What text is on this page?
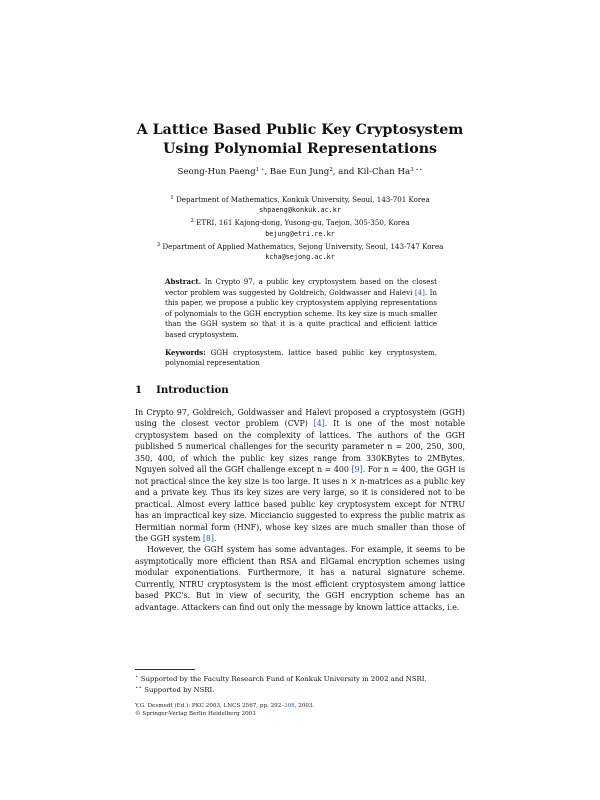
A Lattice Based Public Key Cryptosystem
Using Polynomial Representations
Seong-Hun Paeng$^{1 ⋆}$, Bae Eun Jung$^2$, and Kil-Chan $Ha^{3 ⋆⋆}$
$^1$ Department of Mathematics, Konkuk University, Seoul, 143-701 Korea
shpaeng@konkuk.ac.kr
$^2$ ETRI, 161 Kajong-dong, Yusong-gu, Taejon, 305-350, Korea
bejung@etri.re.kr
$^3$ Department of Applied Mathematics, Sejong University, Seoul, 143-747 Korea
kcha@sejong.ac.kr

Abstract. In Crypto 97, a public key cryptosystem based on the closest vector problem was suggested by Goldreich, Goldwasser and Halevi [4]. In this paper, we propose a public key cryptosystem applying representations of polynomials to the GGH encryption scheme. Its key size is much smaller than the GGH system so that it is a quite practical and efficient lattice based cryptosystem.

Keywords: GGH cryptosystem, lattice based public key cryptosystem, polynomial representation

1 Introduction

In Crypto 97, Goldreich, Goldwasser and Halevi proposed a cryptosystem (GGH) using the closest vector problem (CVP) [4]. It is one of the most notable cryptosystem based on the complexity of lattices. The authors of the GGH published 5 numerical challenges for the security parameter n = 200, 250, 300, 350, 400, of which the public key sizes range from 330KBytes to 2MBytes. Nguyen solved all the GGH challenge except n = 400 [9]. For n = 400, the GGH is not practical since the key size is too large. It uses n × n-matrices as a public key and a private key. Thus its key sizes are very large, so it is considered not to be practical. Almost every lattice based public key cryptosystem except for NTRU has an impractical key size. Micciancio suggested to express the public matrix as Hermitian normal form (HNF), whose key sizes are much smaller than those of the GGH system [8].

However, the GGH system has some advantages. For example, it seems to be asymptotically more efficient than RSA and ElGamal encryption schemes using modular exponentiations. Furthermore, it has a natural signature scheme. Currently, NTRU cryptosystem is the most efficient cryptosystem among lattice based PKC's. But in view of security, the GGH encryption scheme has an advantage. Attackers can find out only the message by known lattice attacks, i.e.

⋆ Supported by the Faculty Research Fund of Konkuk University in 2002 and NSRI.
⋆⋆ Supported by NSRI.
Y.G. Desmedt (Ed.): PKC 2003, LNCS 2567, pp. 292–308, 2003.
© Springer-Verlag Berlin Heidelberg 2003
